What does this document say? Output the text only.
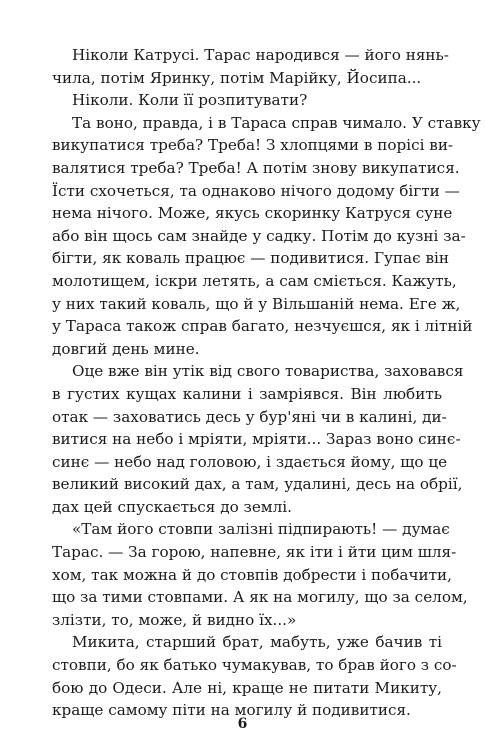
Ніколи Катрусі. Тарас народився — його нянь-
чила, потім Яринку, потім Марійку, Йосипа...
Ніколи. Коли її розпитувати?
Та воно, правда, і в Тараса справ чимало. У ставку
викупатися треба? Треба! З хлопцями в порісі ви-
валятися треба? Треба! А потім знову викупатися.
Їсти схочеться, та однаково нічого додому бігти —
нема нічого. Може, якусь скоринку Катруся суне
або він щось сам знайде у садку. Потім до кузні за-
бігти, як коваль працює — подивитися. Гупає він
молотищем, іскри летять, а сам сміється. Кажуть,
у них такий коваль, що й у Вільшаній нема. Еге ж,
у Тараса також справ багато, незчуєшся, як і літній
довгий день мине.
Оце вже він утік від свого товариства, заховався
в густих кущах калини і замріявся. Він любить
отак — заховатись десь у бур'яні чи в калині, ди-
витися на небо і мріяти, мріяти... Зараз воно синє-
синє — небо над головою, і здається йому, що це
великий високий дах, а там, удалині, десь на обрії,
дах цей спускається до землі.
«Там його стовпи залізні підпирають! — думає
Тарас. — За горою, напевне, як іти і йти цим шля-
хом, так можна й до стовпів добрести і побачити,
що за тими стовпами. А як на могилу, що за селом,
злізти, то, може, й видно їх...»
Микита, старший брат, мабуть, уже бачив ті
стовпи, бо як батько чумакував, то брав його з со-
бою до Одеси. Але ні, краще не питати Микиту,
краще самому піти на могилу й подивитися.
6
